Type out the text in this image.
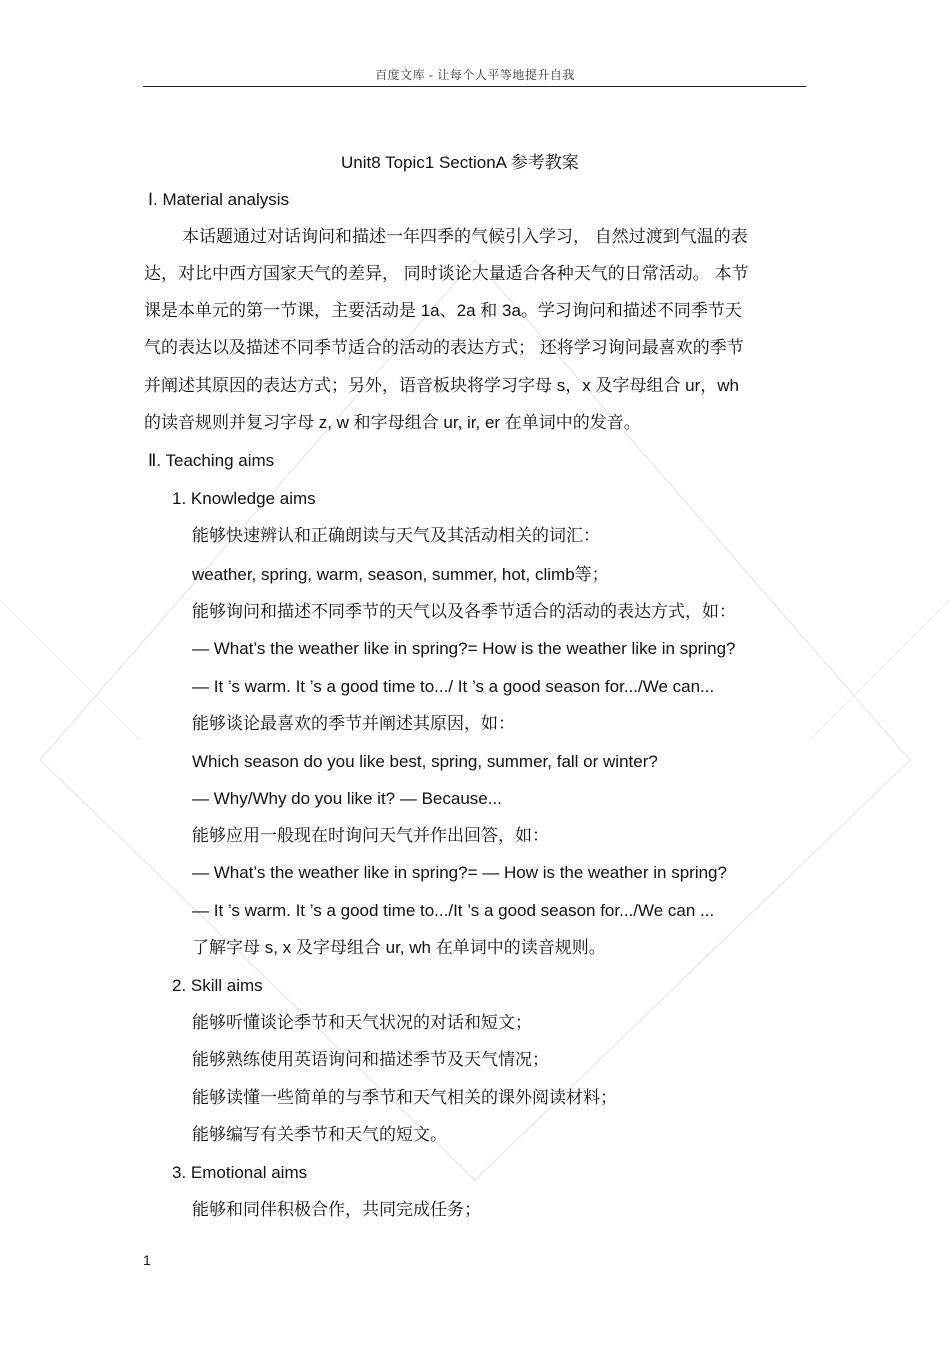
百度文库 - 让每个人平等地提升自我
Unit8 Topic1 SectionA 参考教案
Ⅰ. Material analysis
本话题通过对话询问和描述一年四季的气候引入学习， 自然过渡到气温的表
达，对比中西方国家天气的差异， 同时谈论大量适合各种天气的日常活动。 本节
课是本单元的第一节课，主要活动是 1a、2a 和 3a。学习询问和描述不同季节天
气的表达以及描述不同季节适合的活动的表达方式； 还将学习询问最喜欢的季节
并阐述其原因的表达方式；另外，语音板块将学习字母 s，x 及字母组合 ur，wh
的读音规则并复习字母 z, w 和字母组合 ur, ir, er 在单词中的发音。
Ⅱ. Teaching aims
1. Knowledge aims
能够快速辨认和正确朗读与天气及其活动相关的词汇：
weather, spring, warm, season, summer, hot, climb等；
能够询问和描述不同季节的天气以及各季节适合的活动的表达方式，如：
— What’s the weather like in spring?= How is the weather like in spring?
— It ’s warm. It ’s a good time to.../ It ’s a good season for.../We can...
能够谈论最喜欢的季节并阐述其原因，如：
Which season do you like best, spring, summer, fall or winter?
— Why/Why do you like it? — Because...
能够应用一般现在时询问天气并作出回答，如：
— What’s the weather like in spring?= — How is the weather in spring?
— It ’s warm. It ’s a good time to.../It ’s a good season for.../We can ...
了解字母 s, x 及字母组合 ur, wh 在单词中的读音规则。
2. Skill aims
能够听懂谈论季节和天气状况的对话和短文；
能够熟练使用英语询问和描述季节及天气情况；
能够读懂一些简单的与季节和天气相关的课外阅读材料；
能够编写有关季节和天气的短文。
3. Emotional aims
能够和同伴积极合作，共同完成任务；
1
